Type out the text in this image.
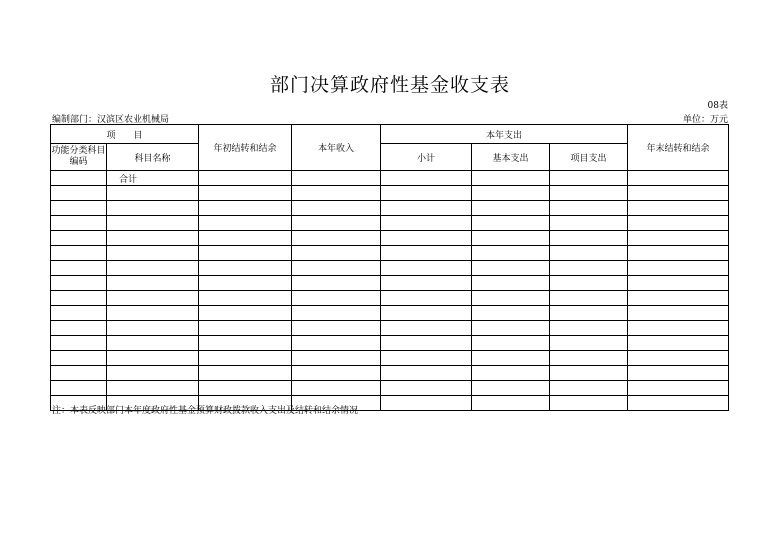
部门决算政府性基金收支表
08表
编制部门：汉滨区农业机械局	单位：万元
项　　目		年初结转和结余	本年收入	本年支出			年末结转和结余
功能分类科目编码	科目名称			小计	基本支出	项目支出	
	合计						

注：本表反映部门本年度政府性基金预算财政拨款收入支出及结转和结余情况
